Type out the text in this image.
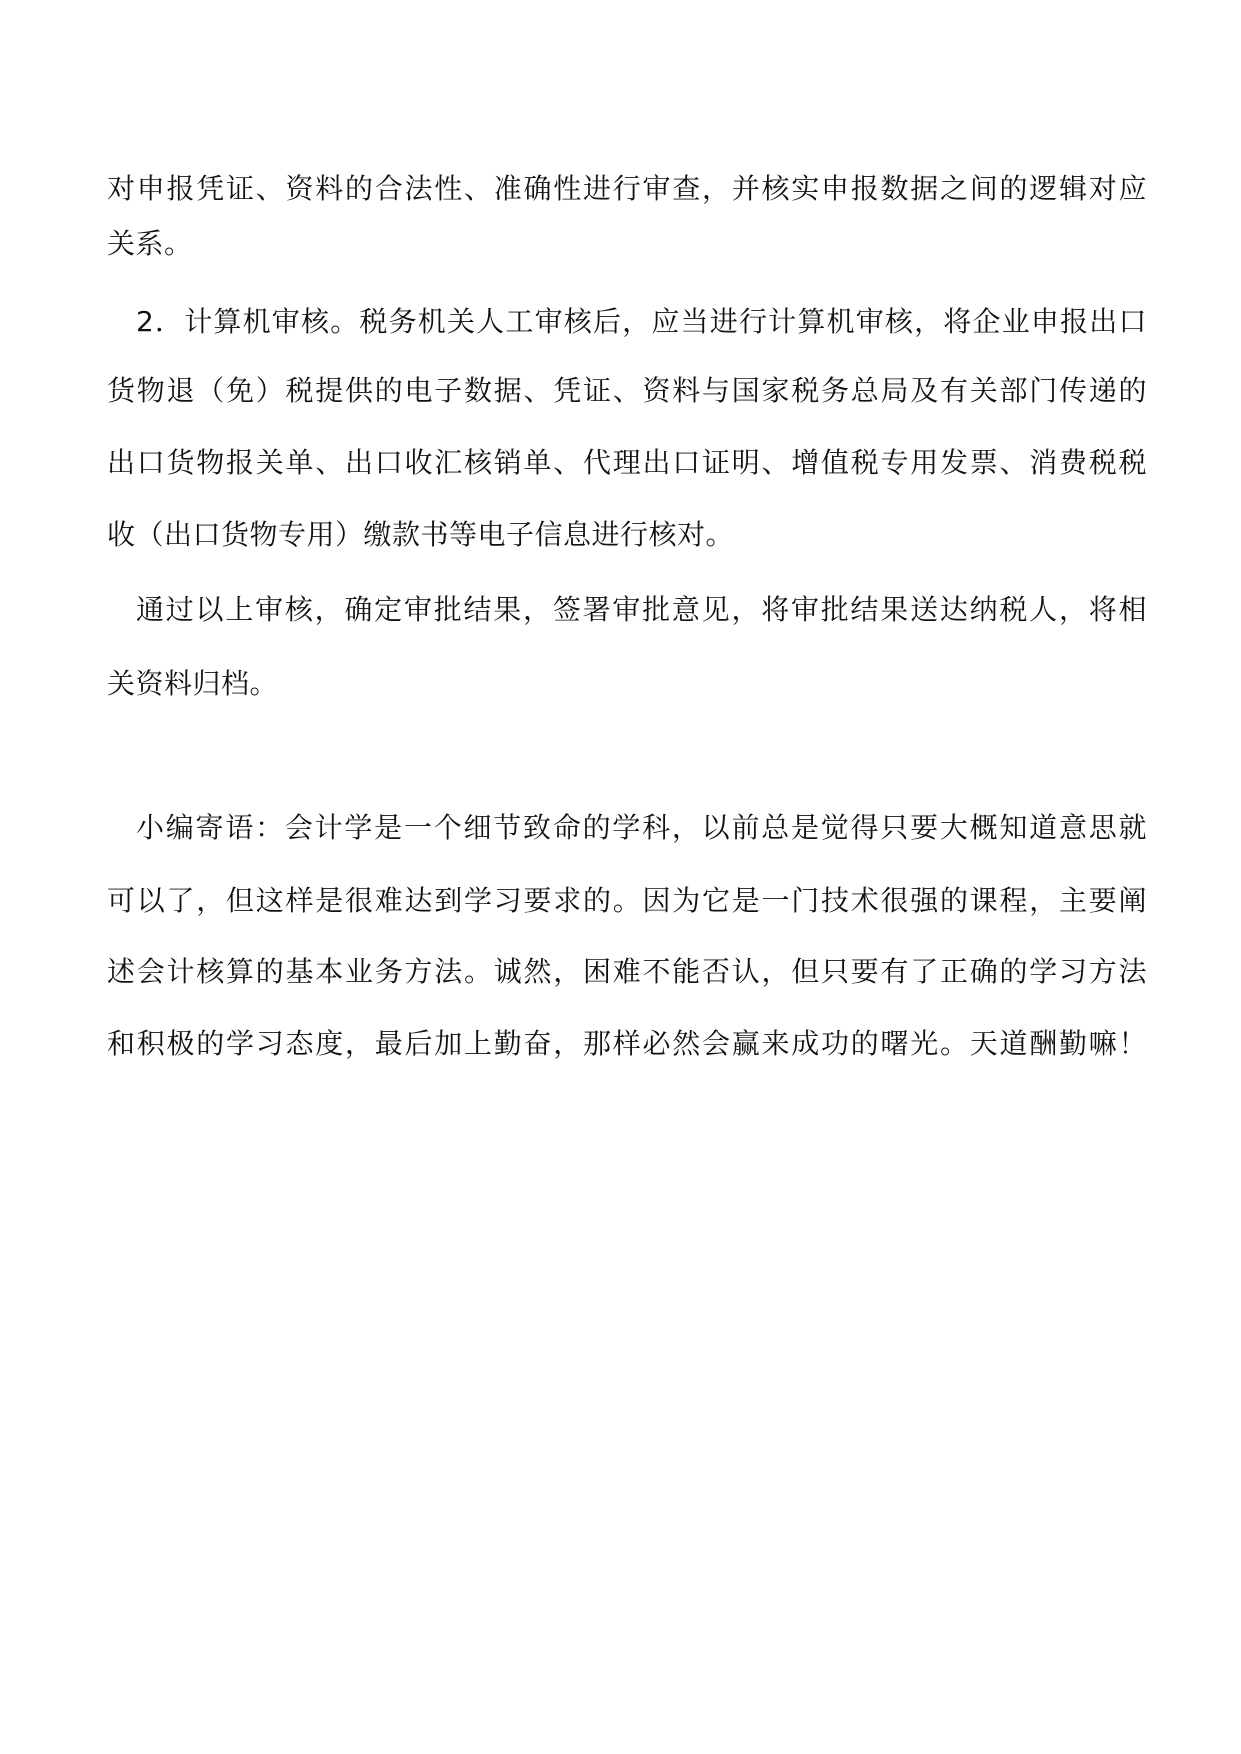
对申报凭证、资料的合法性、准确性进行审查，并核实申报数据之间的逻辑对应
关系。
2．计算机审核。税务机关人工审核后，应当进行计算机审核，将企业申报出口
货物退（免）税提供的电子数据、凭证、资料与国家税务总局及有关部门传递的
出口货物报关单、出口收汇核销单、代理出口证明、增值税专用发票、消费税税
收（出口货物专用）缴款书等电子信息进行核对。
通过以上审核，确定审批结果，签署审批意见，将审批结果送达纳税人，将相
关资料归档。
小编寄语：会计学是一个细节致命的学科，以前总是觉得只要大概知道意思就
可以了，但这样是很难达到学习要求的。因为它是一门技术很强的课程，主要阐
述会计核算的基本业务方法。诚然，困难不能否认，但只要有了正确的学习方法
和积极的学习态度，最后加上勤奋，那样必然会赢来成功的曙光。天道酬勤嘛！
